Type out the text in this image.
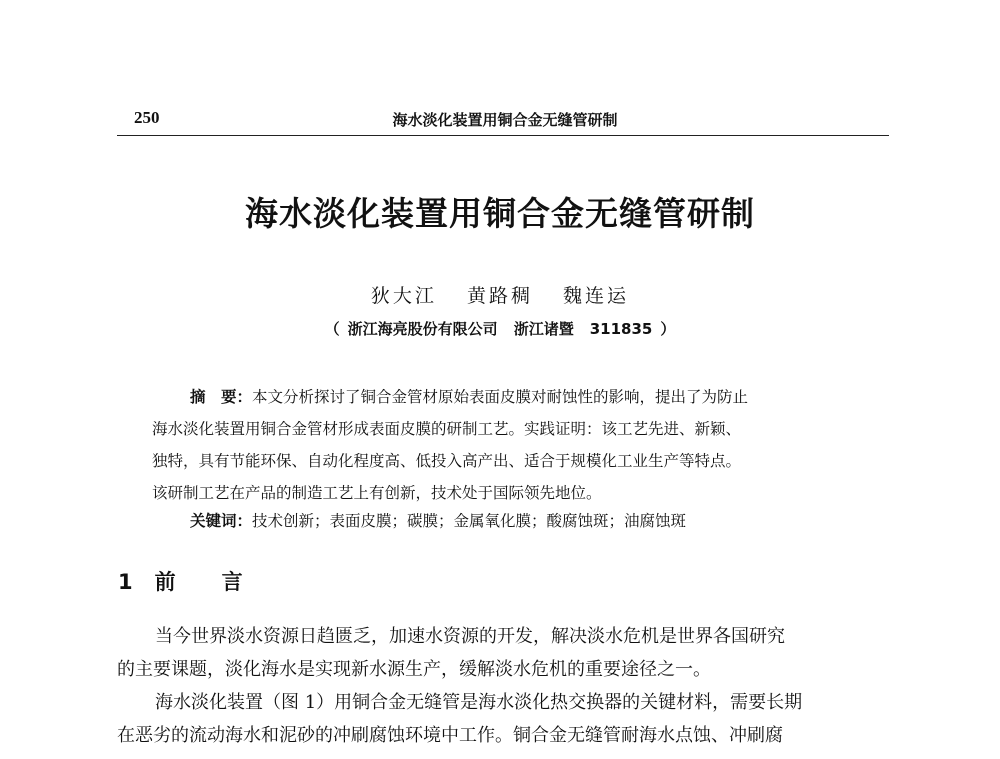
250	海水淡化装置用铜合金无缝管研制
海水淡化装置用铜合金无缝管研制
狄大江 黄路稠 魏连运
（ 浙江海亮股份有限公司 浙江诸暨 311835 ）
摘　要：本文分析探讨了铜合金管材原始表面皮膜对耐蚀性的影响，提出了为防止
海水淡化装置用铜合金管材形成表面皮膜的研制工艺。实践证明：该工艺先进、新颖、
独特，具有节能环保、自动化程度高、低投入高产出、适合于规模化工业生产等特点。
该研制工艺在产品的制造工艺上有创新，技术处于国际领先地位。
关键词：技术创新；表面皮膜；碳膜；金属氧化膜；酸腐蚀斑；油腐蚀斑
1 前 言
当今世界淡水资源日趋匮乏，加速水资源的开发，解决淡水危机是世界各国研究
的主要课题，淡化海水是实现新水源生产，缓解淡水危机的重要途径之一。
海水淡化装置（图 1）用铜合金无缝管是海水淡化热交换器的关键材料，需要长期
在恶劣的流动海水和泥砂的冲刷腐蚀环境中工作。铜合金无缝管耐海水点蚀、冲刷腐
